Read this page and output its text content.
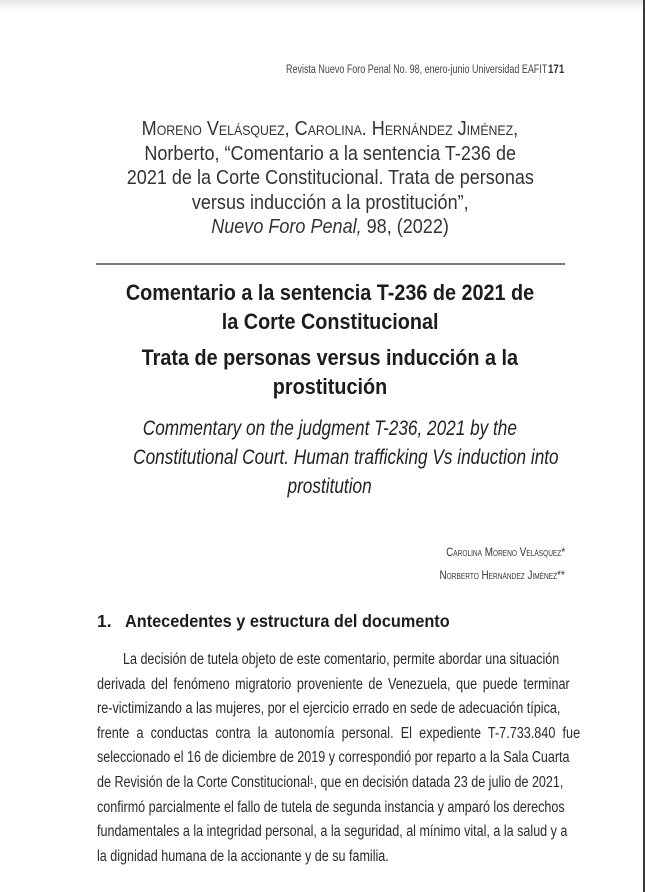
Revista Nuevo Foro Penal No. 98, enero-junio Universidad EAFIT 171
Moreno Velásquez, Carolina. Hernández Jiménez,
Norberto, “Comentario a la sentencia T-236 de
2021 de la Corte Constitucional. Trata de personas
versus inducción a la prostitución”,
Nuevo Foro Penal, 98, (2022)
Comentario a la sentencia T-236 de 2021 de
la Corte Constitucional
Trata de personas versus inducción a la
prostitución
Commentary on the judgment T-236, 2021 by the
Constitutional Court. Human trafficking Vs induction into
prostitution
Carolina Moreno Velásquez*
Norberto Hernández Jiménez**
1. Antecedentes y estructura del documento
La decisión de tutela objeto de este comentario, permite abordar una situación
derivada del fenómeno migratorio proveniente de Venezuela, que puede terminar
re-victimizando a las mujeres, por el ejercicio errado en sede de adecuación típica,
frente a conductas contra la autonomía personal. El expediente T-7.733.840 fue
seleccionado el 16 de diciembre de 2019 y correspondió por reparto a la Sala Cuarta
de Revisión de la Corte Constitucional$^1$, que en decisión datada 23 de julio de 2021,
confirmó parcialmente el fallo de tutela de segunda instancia y amparó los derechos
fundamentales a la integridad personal, a la seguridad, al mínimo vital, a la salud y a
la dignidad humana de la accionante y de su familia.
